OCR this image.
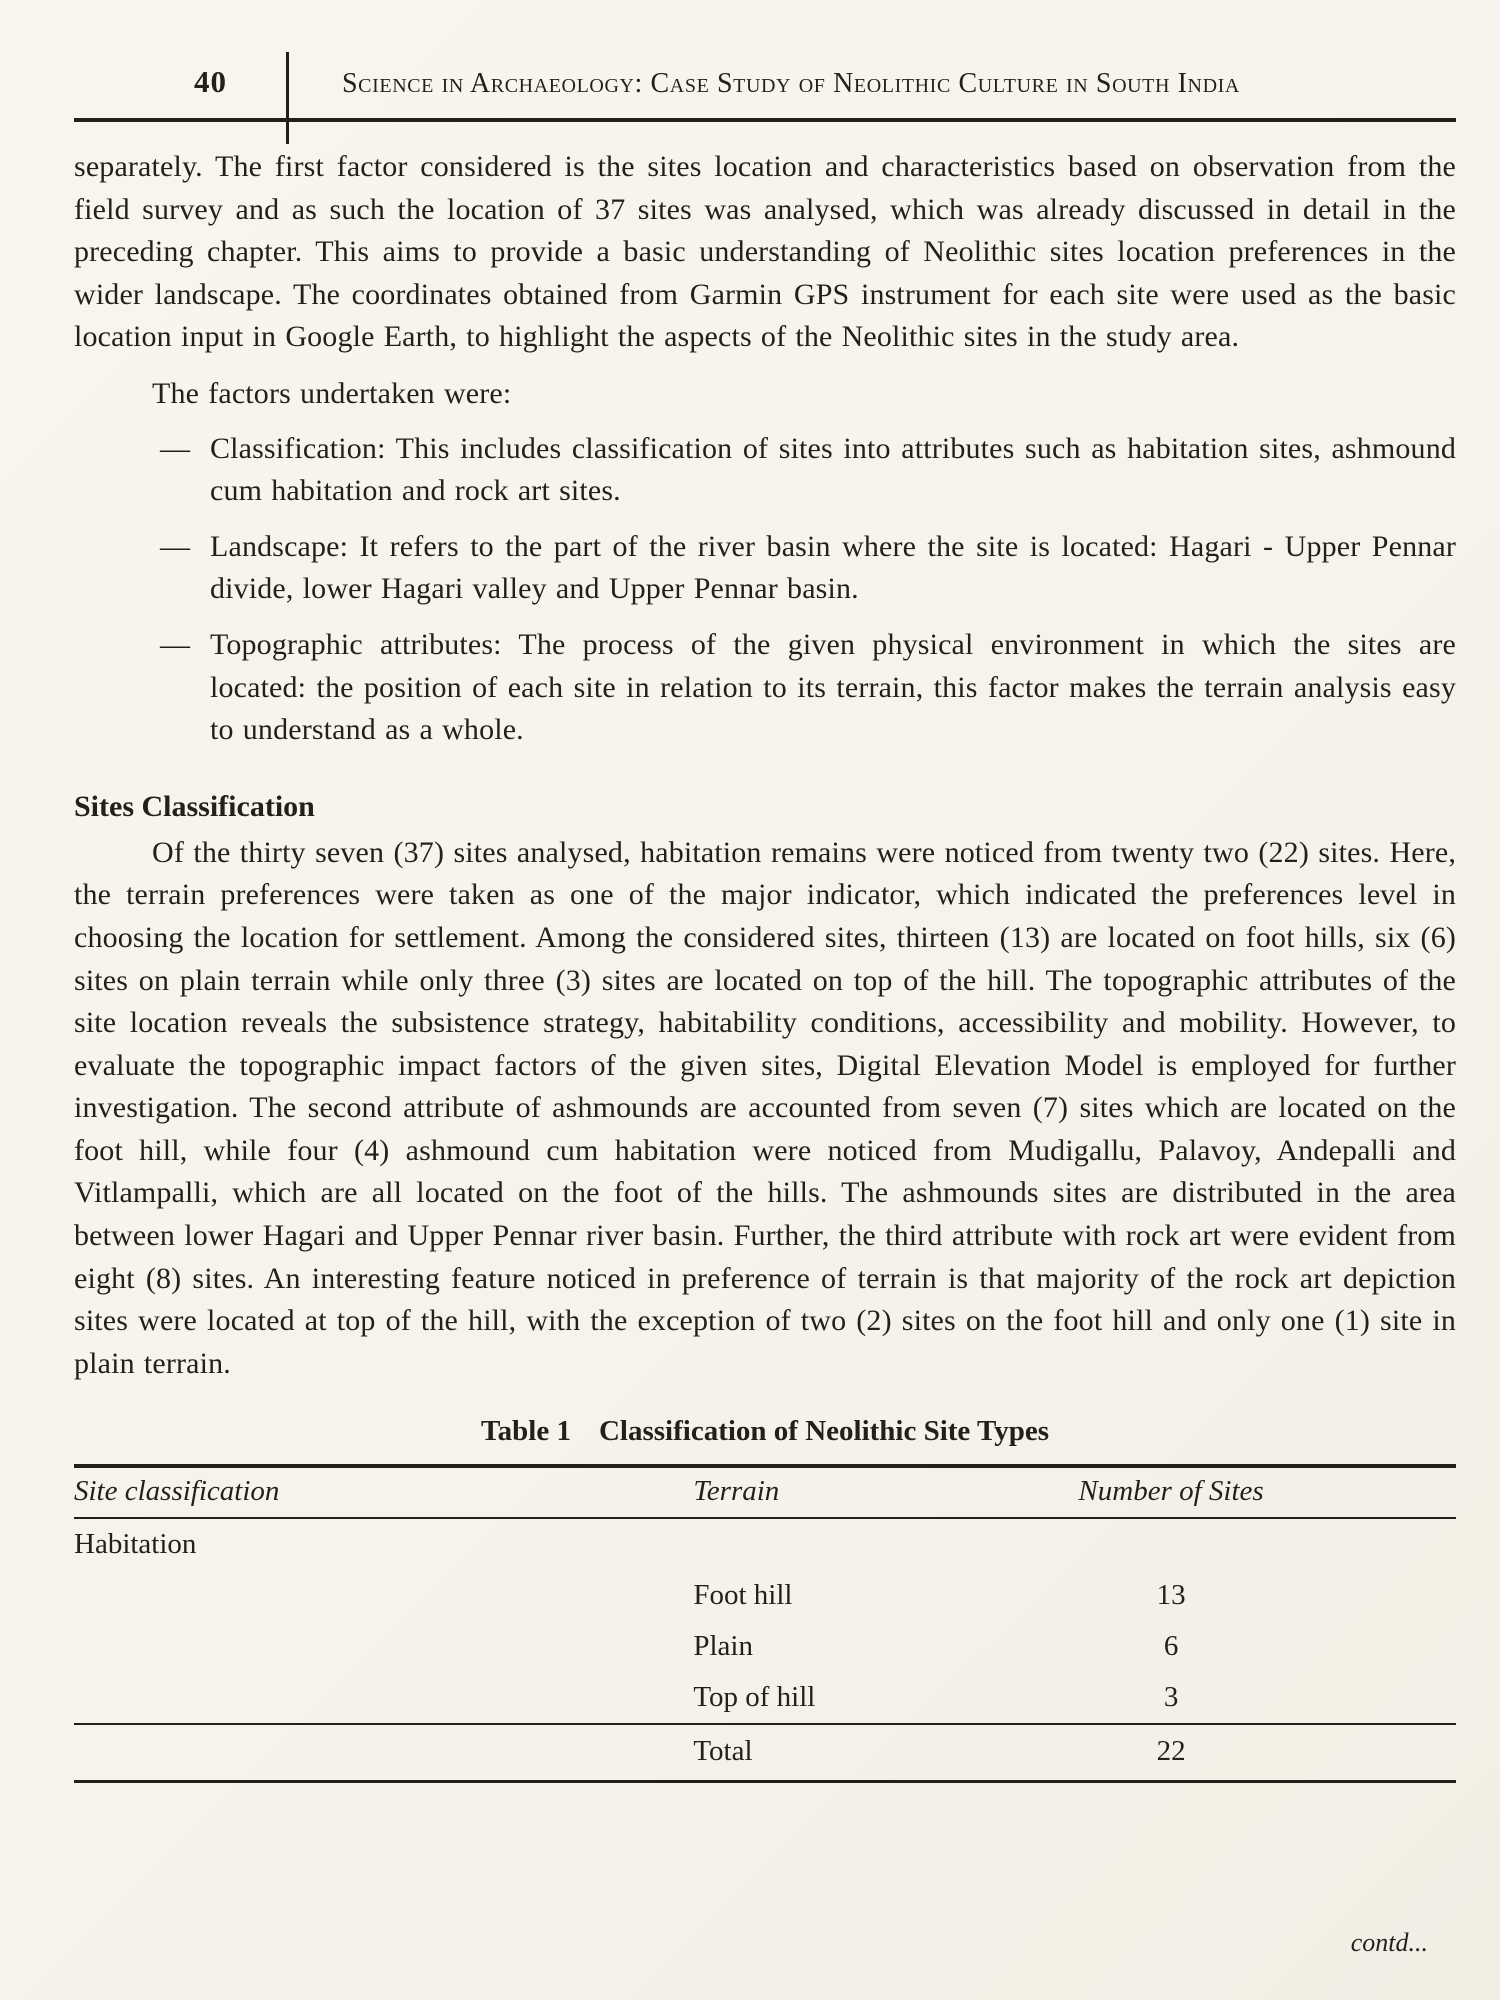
40	Science in Archaeology: Case Study of Neolithic Culture in South India

separately. The first factor considered is the sites location and characteristics based on observation from the field survey and as such the location of 37 sites was analysed, which was already discussed in detail in the preceding chapter. This aims to provide a basic understanding of Neolithic sites location preferences in the wider landscape. The coordinates obtained from Garmin GPS instrument for each site were used as the basic location input in Google Earth, to highlight the aspects of the Neolithic sites in the study area.

The factors undertaken were:

— Classification: This includes classification of sites into attributes such as habitation sites, ashmound cum habitation and rock art sites.
— Landscape: It refers to the part of the river basin where the site is located: Hagari - Upper Pennar divide, lower Hagari valley and Upper Pennar basin.
— Topographic attributes: The process of the given physical environment in which the sites are located: the position of each site in relation to its terrain, this factor makes the terrain analysis easy to understand as a whole.
Sites Classification

Of the thirty seven (37) sites analysed, habitation remains were noticed from twenty two (22) sites. Here, the terrain preferences were taken as one of the major indicator, which indicated the preferences level in choosing the location for settlement. Among the considered sites, thirteen (13) are located on foot hills, six (6) sites on plain terrain while only three (3) sites are located on top of the hill. The topographic attributes of the site location reveals the subsistence strategy, habitability conditions, accessibility and mobility. However, to evaluate the topographic impact factors of the given sites, Digital Elevation Model is employed for further investigation. The second attribute of ashmounds are accounted from seven (7) sites which are located on the foot hill, while four (4) ashmound cum habitation were noticed from Mudigallu, Palavoy, Andepalli and Vitlampalli, which are all located on the foot of the hills. The ashmounds sites are distributed in the area between lower Hagari and Upper Pennar river basin. Further, the third attribute with rock art were evident from eight (8) sites. An interesting feature noticed in preference of terrain is that majority of the rock art depiction sites were located at top of the hill, with the exception of two (2) sites on the foot hill and only one (1) site in plain terrain.

Table 1 Classification of Neolithic Site Types
Site classification	Terrain	Number of Sites	
Habitation			
	Foot hill	13	
	Plain	6	
	Top of hill	3	
	Total	22	
contd...
